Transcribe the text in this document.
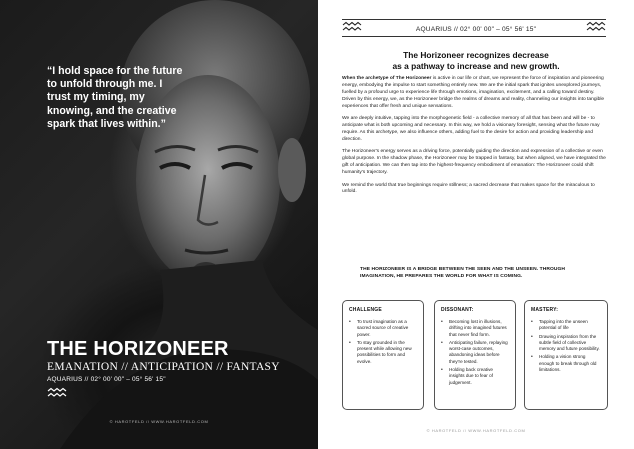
“I hold space for the future to unfold through me. I trust my timing, my knowing, and the creative spark that lives within.”

THE HORIZONEER
EMANATION // ANTICIPATION // FANTASY
AQUARIUS // 02° 00' 00" – 05° 56' 15"
© HAROTFELD // WWW.HAROTFELD.COM
AQUARIUS // 02° 00' 00" – 05° 56' 15"
The Horizoneer recognizes decrease
as a pathway to increase and new growth.

When the archetype of The Horizoneer is active in our life or chart, we represent the force of inspiration and pioneering energy, embodying the impulse to start something entirely new. We are the initial spark that ignites unexplored journeys, fuelled by a profound urge to experience life through emotions, imagination, excitement, and a calling toward destiny. Driven by this energy, we, as the Horizoneer bridge the realms of dreams and reality, channeling our insights into tangible experiences that offer fresh and unique sensations.

We are deeply intuitive, tapping into the morphogenetic field - a collective memory of all that has been and will be - to anticipate what is both upcoming and necessary. In this way, we hold a visionary foresight, sensing what the future may require. As this archetype, we also influence others, adding fuel to the desire for action and providing leadership and direction.

The Horizoneer's energy serves as a driving force, potentially guiding the direction and expression of a collective or even global purpose. In the shadow phase, the Horizoneer may be trapped in fantasy, but when aligned, we have integrated the gift of anticipation. We can then tap into the highest-frequency embodiment of emanation: The Horizoneer could shift humanity's trajectory.

We remind the world that true beginnings require stillness; a sacred decrease that makes space for the miraculous to unfold.

THE HORIZONEER IS A BRIDGE BETWEEN THE SEEN AND THE UNSEEN. THROUGH IMAGINATION, HE PREPARES THE WORLD FOR WHAT IS COMING.
CHALLENGE
• To trust imagination as a sacred source of creative power.
• To stay grounded in the present while allowing new possibilities to form and evolve.
DISSONANT:
• Becoming lost in illusions, drifting into imagined futures that never find form.
• Anticipating failure, replaying worst-case outcomes, abandoning ideas before they're tested.
• Holding back creative insights due to fear of judgement.
MASTERY:
• Tapping into the unseen potential of life
• Drawing inspiration from the subtle field of collective memory and future possibility.
• Holding a vision strong enough to break through old limitations.
© HAROTFELD // WWW.HAROTFELD.COM
